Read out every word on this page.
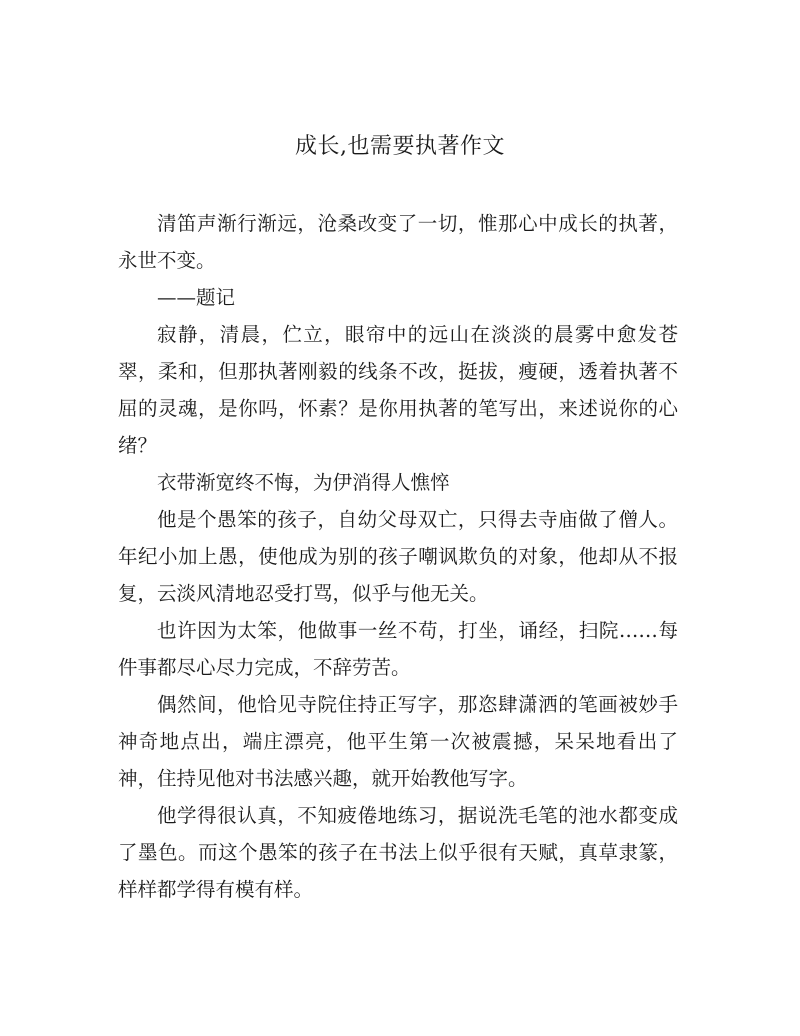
成长,也需要执著作文

清笛声渐行渐远，沧桑改变了一切，惟那心中成长的执著，永世不变。

——题记

寂静，清晨，伫立，眼帘中的远山在淡淡的晨雾中愈发苍翠，柔和，但那执著刚毅的线条不改，挺拔，瘦硬，透着执著不屈的灵魂，是你吗，怀素？是你用执著的笔写出，来述说你的心绪？

衣带渐宽终不悔，为伊消得人憔悴

他是个愚笨的孩子，自幼父母双亡，只得去寺庙做了僧人。年纪小加上愚，使他成为别的孩子嘲讽欺负的对象，他却从不报复，云淡风清地忍受打骂，似乎与他无关。

也许因为太笨，他做事一丝不苟，打坐，诵经，扫院……每件事都尽心尽力完成，不辞劳苦。

偶然间，他恰见寺院住持正写字，那恣肆潇洒的笔画被妙手神奇地点出，端庄漂亮，他平生第一次被震撼，呆呆地看出了神，住持见他对书法感兴趣，就开始教他写字。

他学得很认真，不知疲倦地练习，据说洗毛笔的池水都变成了墨色。而这个愚笨的孩子在书法上似乎很有天赋，真草隶篆，样样都学得有模有样。
